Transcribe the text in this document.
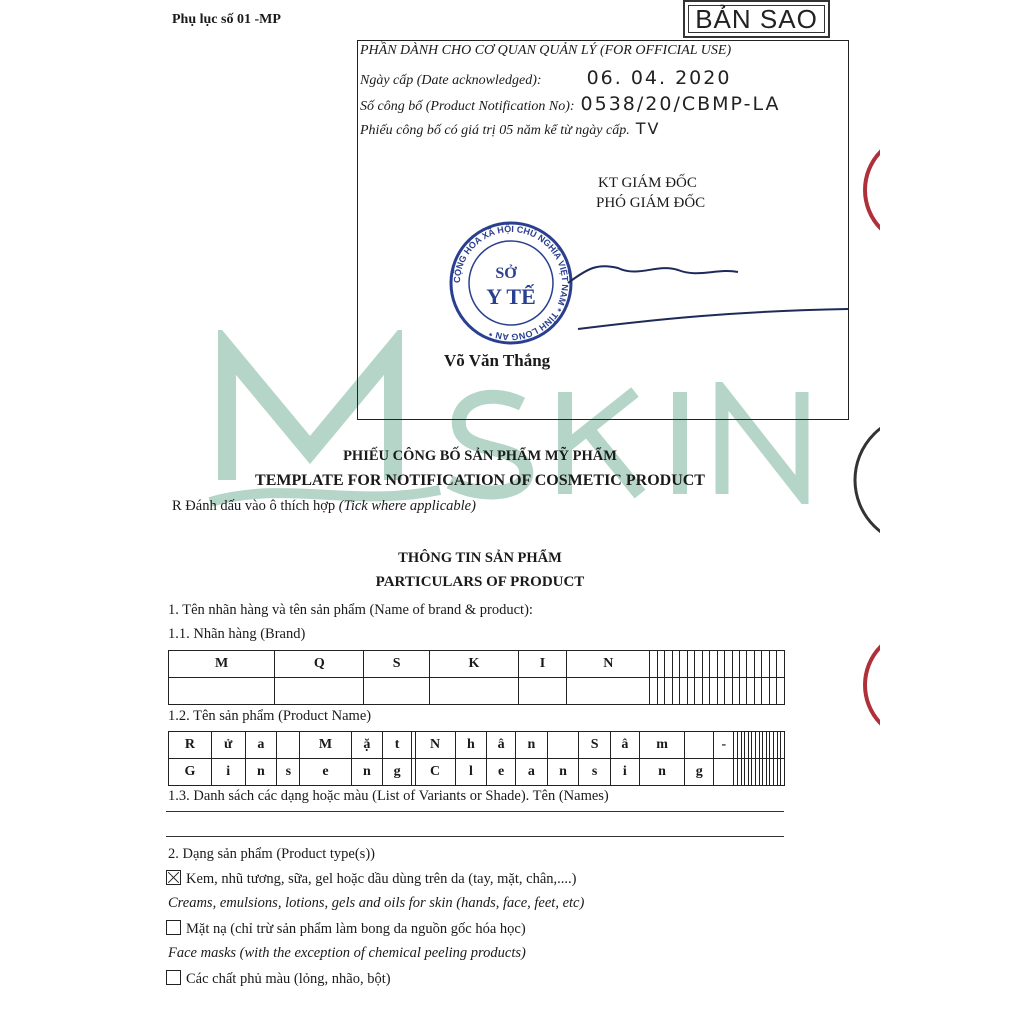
Phụ lục số 01 -MP
PHẦN DÀNH CHO CƠ QUAN QUẢN LÝ (FOR OFFICIAL USE)
Ngày cấp (Date acknowledged): 06. 04. 2020
Số công bố (Product Notification No): 0538/20/CBMP-LA
Phiếu công bố có giá trị 05 năm kể từ ngày cấp. TV
KT GIÁM ĐỐC
PHÓ GIÁM ĐỐC
CỘNG HÒA XÃ HỘI CHỦ NGHĨA VIỆT NAM * TỈNH LONG AN *
SỞ
Y TẾ
Võ Văn Thắng
BẢN SAO
PHIẾU CÔNG BỐ SẢN PHẨM MỸ PHẨM
TEMPLATE FOR NOTIFICATION OF COSMETIC PRODUCT
R Đánh dấu vào ô thích hợp (Tick where applicable)
THÔNG TIN SẢN PHẨM
PARTICULARS OF PRODUCT
1. Tên nhãn hàng và tên sản phẩm (Name of brand & product):
1.1. Nhãn hàng (Brand)
M	Q	S	K	I	N																		

1.2. Tên sản phẩm (Product Name)
R	ử	a		M	ặ	t		N	h	â	n		S	â	m		-														
G	i	n	s	e	n	g		C	l	e	a	n	s	i	n	g															
1.3. Danh sách các dạng hoặc màu (List of Variants or Shade). Tên (Names)
2. Dạng sản phẩm (Product type(s))
Kem, nhũ tương, sữa, gel hoặc dầu dùng trên da (tay, mặt, chân,....)
Creams, emulsions, lotions, gels and oils for skin (hands, face, feet, etc)
Mặt nạ (chỉ trừ sản phẩm làm bong da nguồn gốc hóa học)
Face masks (with the exception of chemical peeling products)
Các chất phủ màu (lỏng, nhão, bột)
